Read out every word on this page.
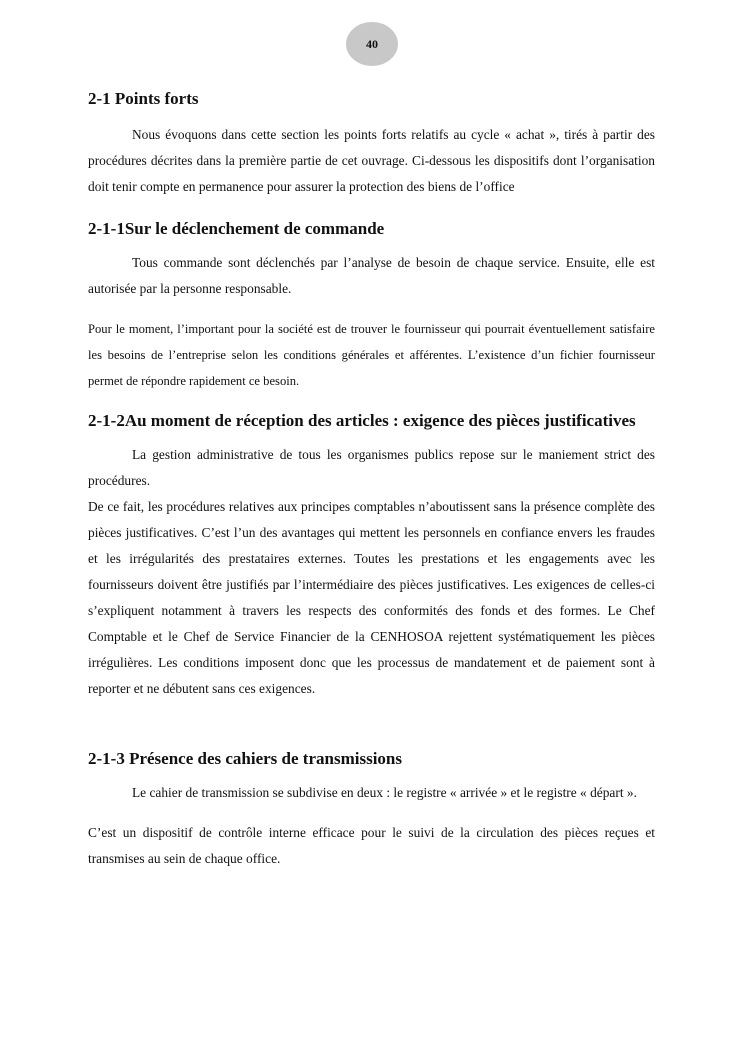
40
2-1 Points forts

Nous évoquons dans cette section les points forts relatifs au cycle « achat », tirés à partir des procédures décrites dans la première partie de cet ouvrage. Ci-dessous les dispositifs dont l’organisation doit tenir compte en permanence pour assurer la protection des biens de l’office

2-1-1Sur le déclenchement de commande

Tous commande sont déclenchés par l’analyse de besoin de chaque service. Ensuite, elle est autorisée par la personne responsable.

Pour le moment, l’important pour la société est de trouver le fournisseur qui pourrait éventuellement satisfaire les besoins de l’entreprise selon les conditions générales et afférentes. L’existence d’un fichier fournisseur permet de répondre rapidement ce besoin.

2-1-2Au moment de réception des articles : exigence des pièces justificatives

La gestion administrative de tous les organismes publics repose sur le maniement strict des procédures.

De ce fait, les procédures relatives aux principes comptables n’aboutissent sans la présence complète des pièces justificatives. C’est l’un des avantages qui mettent les personnels en confiance envers les fraudes et les irrégularités des prestataires externes. Toutes les prestations et les engagements avec les fournisseurs doivent être justifiés par l’intermédiaire des pièces justificatives. Les exigences de celles-ci s’expliquent notamment à travers les respects des conformités des fonds et des formes. Le Chef Comptable et le Chef de Service Financier de la CENHOSOA rejettent systématiquement les pièces irrégulières. Les conditions imposent donc que les processus de mandatement et de paiement sont à reporter et ne débutent sans ces exigences.

2-1-3 Présence des cahiers de transmissions

Le cahier de transmission se subdivise en deux : le registre « arrivée » et le registre « départ ».

C’est un dispositif de contrôle interne efficace pour le suivi de la circulation des pièces reçues et transmises au sein de chaque office.
